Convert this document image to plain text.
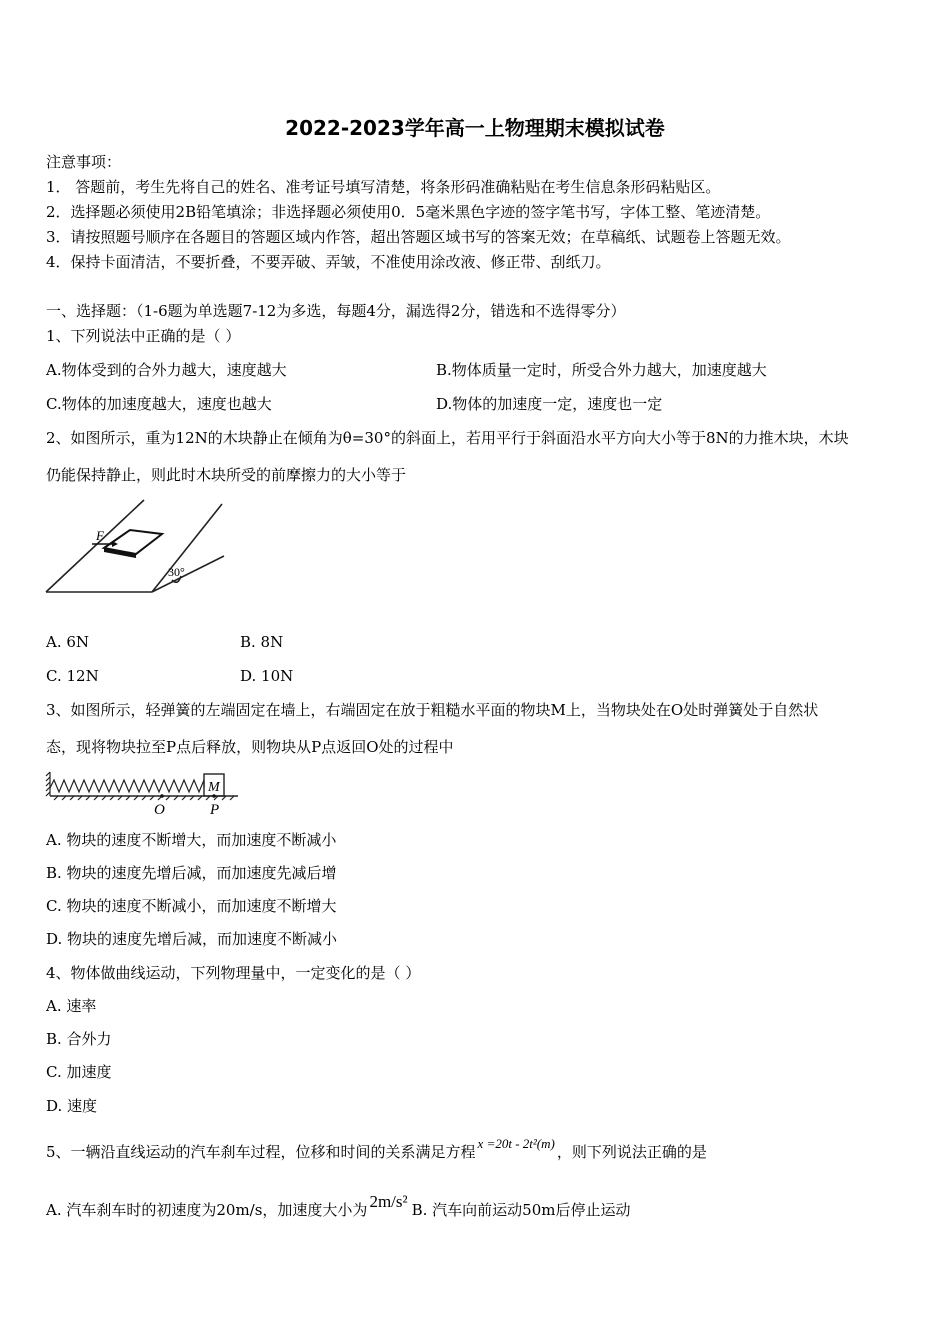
2022-2023学年高一上物理期末模拟试卷
注意事项：
1． 答题前，考生先将自己的姓名、准考证号填写清楚，将条形码准确粘贴在考生信息条形码粘贴区。
2．选择题必须使用2B铅笔填涂；非选择题必须使用0．5毫米黑色字迹的签字笔书写，字体工整、笔迹清楚。
3．请按照题号顺序在各题目的答题区域内作答，超出答题区域书写的答案无效；在草稿纸、试题卷上答题无效。
4．保持卡面清洁，不要折叠，不要弄破、弄皱，不准使用涂改液、修正带、刮纸刀。
一、选择题：（1-6题为单选题7-12为多选，每题4分，漏选得2分，错选和不选得零分）
1、下列说法中正确的是（ ）
A.物体受到的合外力越大，速度越大	B.物体质量一定时，所受合外力越大，加速度越大
C.物体的加速度越大，速度也越大	D.物体的加速度一定，速度也一定
2、如图所示，重为12N的木块静止在倾角为θ=30°的斜面上，若用平行于斜面沿水平方向大小等于8N的力推木块，木块
仍能保持静止，则此时木块所受的前摩擦力的大小等于
F
30°
A. 6N	B. 8N
C. 12N	D. 10N
3、如图所示，轻弹簧的左端固定在墙上，右端固定在放于粗糙水平面的物块M上，当物块处在O处时弹簧处于自然状
态，现将物块拉至P点后释放，则物块从P点返回O处的过程中
M
O	P
A. 物块的速度不断增大，而加速度不断减小
B. 物块的速度先增后减，而加速度先减后增
C. 物块的速度不断减小，而加速度不断增大
D. 物块的速度先增后减，而加速度不断减小
4、物体做曲线运动，下列物理量中，一定变化的是（ ）
A. 速率
B. 合外力
C. 加速度
D. 速度
5、一辆沿直线运动的汽车刹车过程，位移和时间的关系满足方程 x =20t - 2t²(m) ，则下列说法正确的是
A. 汽车刹车时的初速度为20m/s，加速度大小为 2m/s² B. 汽车向前运动50m后停止运动
